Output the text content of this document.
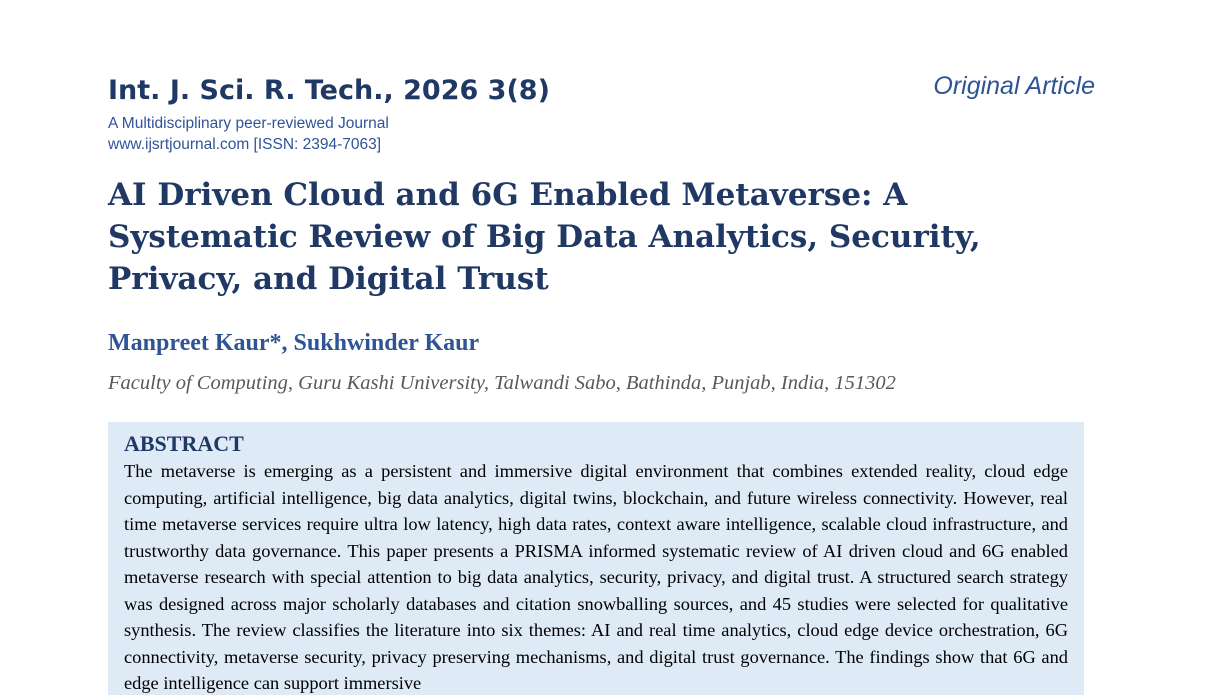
Int. J. Sci. R. Tech., 2026 3(8)	Original Article
A Multidisciplinary peer-reviewed Journal
www.ijsrtjournal.com [ISSN: 2394-7063]
AI Driven Cloud and 6G Enabled Metaverse: A Systematic Review of Big Data Analytics, Security, Privacy, and Digital Trust
Manpreet Kaur*, Sukhwinder Kaur
Faculty of Computing, Guru Kashi University, Talwandi Sabo, Bathinda, Punjab, India, 151302
ABSTRACT

The metaverse is emerging as a persistent and immersive digital environment that combines extended reality, cloud edge computing, artificial intelligence, big data analytics, digital twins, blockchain, and future wireless connectivity. However, real time metaverse services require ultra low latency, high data rates, context aware intelligence, scalable cloud infrastructure, and trustworthy data governance. This paper presents a PRISMA informed systematic review of AI driven cloud and 6G enabled metaverse research with special attention to big data analytics, security, privacy, and digital trust. A structured search strategy was designed across major scholarly databases and citation snowballing sources, and 45 studies were selected for qualitative synthesis. The review classifies the literature into six themes: AI and real time analytics, cloud edge device orchestration, 6G connectivity, metaverse security, privacy preserving mechanisms, and digital trust governance. The findings show that 6G and edge intelligence can support immersive
